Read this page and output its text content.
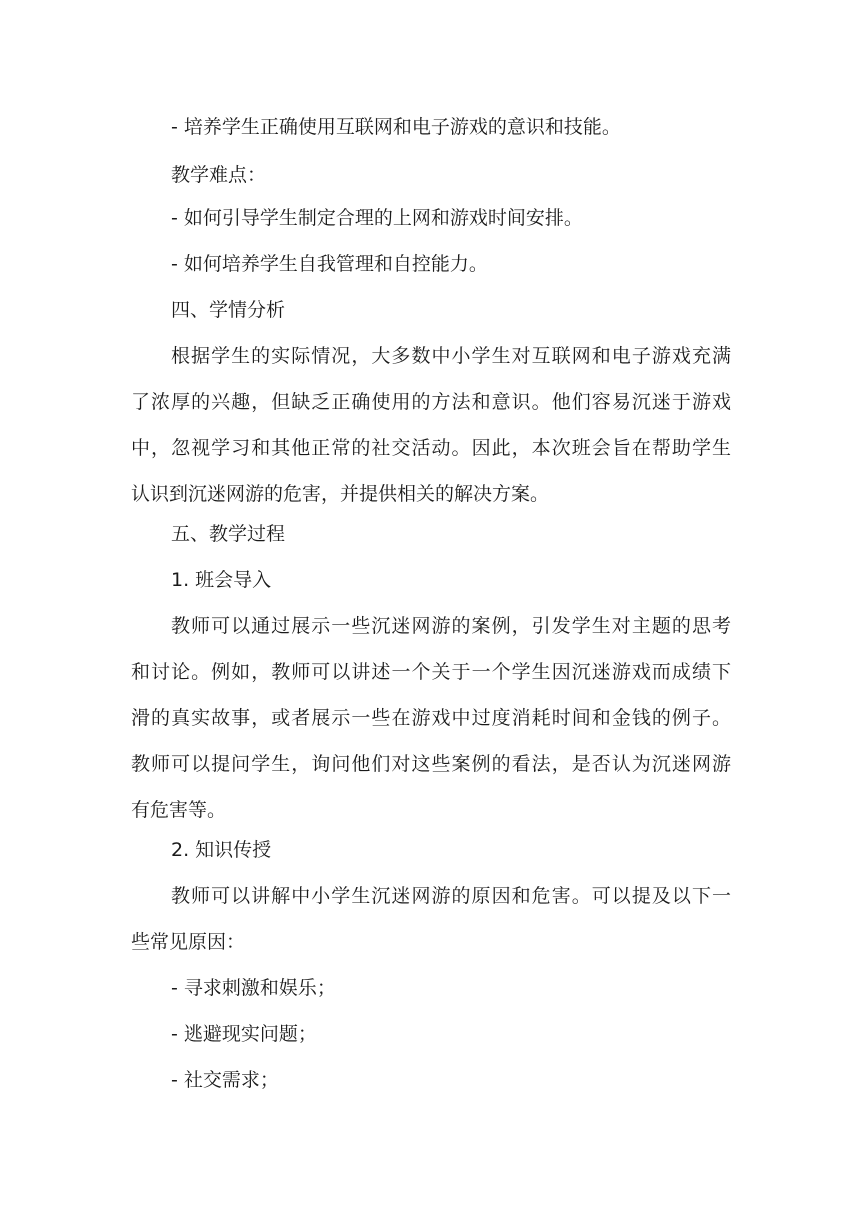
- 培养学生正确使用互联网和电子游戏的意识和技能。
教学难点：
- 如何引导学生制定合理的上网和游戏时间安排。
- 如何培养学生自我管理和自控能力。
四、学情分析
根据学生的实际情况，大多数中小学生对互联网和电子游戏充满
了浓厚的兴趣，但缺乏正确使用的方法和意识。他们容易沉迷于游戏
中，忽视学习和其他正常的社交活动。因此，本次班会旨在帮助学生
认识到沉迷网游的危害，并提供相关的解决方案。
五、教学过程
1. 班会导入
教师可以通过展示一些沉迷网游的案例，引发学生对主题的思考
和讨论。例如，教师可以讲述一个关于一个学生因沉迷游戏而成绩下
滑的真实故事，或者展示一些在游戏中过度消耗时间和金钱的例子。
教师可以提问学生，询问他们对这些案例的看法，是否认为沉迷网游
有危害等。
2. 知识传授
教师可以讲解中小学生沉迷网游的原因和危害。可以提及以下一
些常见原因：
- 寻求刺激和娱乐；
- 逃避现实问题；
- 社交需求；
